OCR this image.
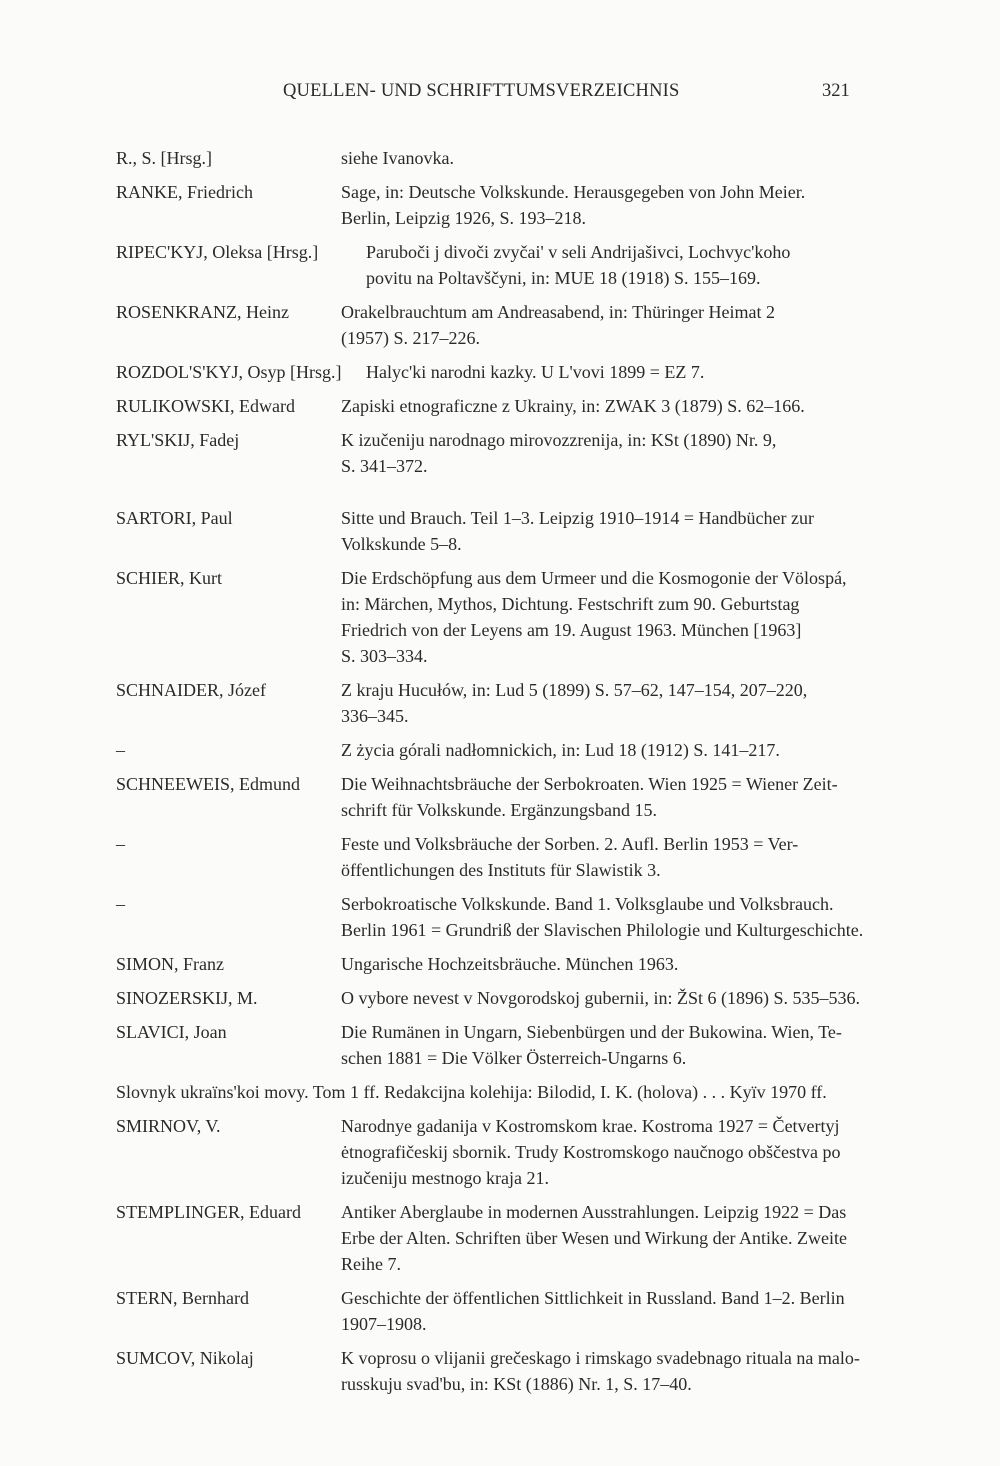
QUELLEN- UND SCHRIFTTUMSVERZEICHNIS	321
R., S. [Hrsg.]	siehe Ivanovka.
RANKE, Friedrich	Sage, in: Deutsche Volkskunde. Herausgegeben von John Meier.
Berlin, Leipzig 1926, S. 193–218.
RIPEC'KYJ, Oleksa [Hrsg.]	Paruboči j divoči zvyčai' v seli Andrijašivci, Lochvyc'koho
povitu na Poltavščyni, in: MUE 18 (1918) S. 155–169.
ROSENKRANZ, Heinz	Orakelbrauchtum am Andreasabend, in: Thüringer Heimat 2
(1957) S. 217–226.
ROZDOL'S'KYJ, Osyp [Hrsg.] Halyc'ki narodni kazky. U L'vovi 1899 = EZ 7.
RULIKOWSKI, Edward	Zapiski etnograficzne z Ukrainy, in: ZWAK 3 (1879) S. 62–166.
RYL'SKIJ, Fadej	K izučeniju narodnago mirovozzrenija, in: KSt (1890) Nr. 9,
S. 341–372.
SARTORI, Paul	Sitte und Brauch. Teil 1–3. Leipzig 1910–1914 = Handbücher zur
Volkskunde 5–8.
SCHIER, Kurt	Die Erdschöpfung aus dem Urmeer und die Kosmogonie der Völospá,
in: Märchen, Mythos, Dichtung. Festschrift zum 90. Geburtstag
Friedrich von der Leyens am 19. August 1963. München [1963]
S. 303–334.
SCHNAIDER, Józef	Z kraju Hucułów, in: Lud 5 (1899) S. 57–62, 147–154, 207–220,
336–345.
–	Z życia górali nadłomnickich, in: Lud 18 (1912) S. 141–217.
SCHNEEWEIS, Edmund Die Weihnachtsbräuche der Serbokroaten. Wien 1925 = Wiener Zeit-
schrift für Volkskunde. Ergänzungsband 15.
–	Feste und Volksbräuche der Sorben. 2. Aufl. Berlin 1953 = Ver-
öffentlichungen des Instituts für Slawistik 3.
–	Serbokroatische Volkskunde. Band 1. Volksglaube und Volksbrauch.
Berlin 1961 = Grundriß der Slavischen Philologie und Kulturgeschichte.
SIMON, Franz	Ungarische Hochzeitsbräuche. München 1963.
SINOZERSKIJ, M.	O vybore nevest v Novgorodskoj gubernii, in: ŽSt 6 (1896) S. 535–536.
SLAVICI, Joan	Die Rumänen in Ungarn, Siebenbürgen und der Bukowina. Wien, Te-
schen 1881 = Die Völker Österreich-Ungarns 6.
Slovnyk ukraïns'koi movy. Tom 1 ff. Redakcijna kolehija: Bilodid, I. K. (holova) . . . Kyïv 1970 ff.
SMIRNOV, V.	Narodnye gadanija v Kostromskom krae. Kostroma 1927 = Četvertyj
ėtnografičeskij sbornik. Trudy Kostromskogo naučnogo obščestva po
izučeniju mestnogo kraja 21.
STEMPLINGER, Eduard Antiker Aberglaube in modernen Ausstrahlungen. Leipzig 1922 = Das
Erbe der Alten. Schriften über Wesen und Wirkung der Antike. Zweite
Reihe 7.
STERN, Bernhard	Geschichte der öffentlichen Sittlichkeit in Russland. Band 1–2. Berlin
1907–1908.
SUMCOV, Nikolaj	K voprosu o vlijanii grečeskago i rimskago svadebnago rituala na malo-
russkuju svad'bu, in: KSt (1886) Nr. 1, S. 17–40.
